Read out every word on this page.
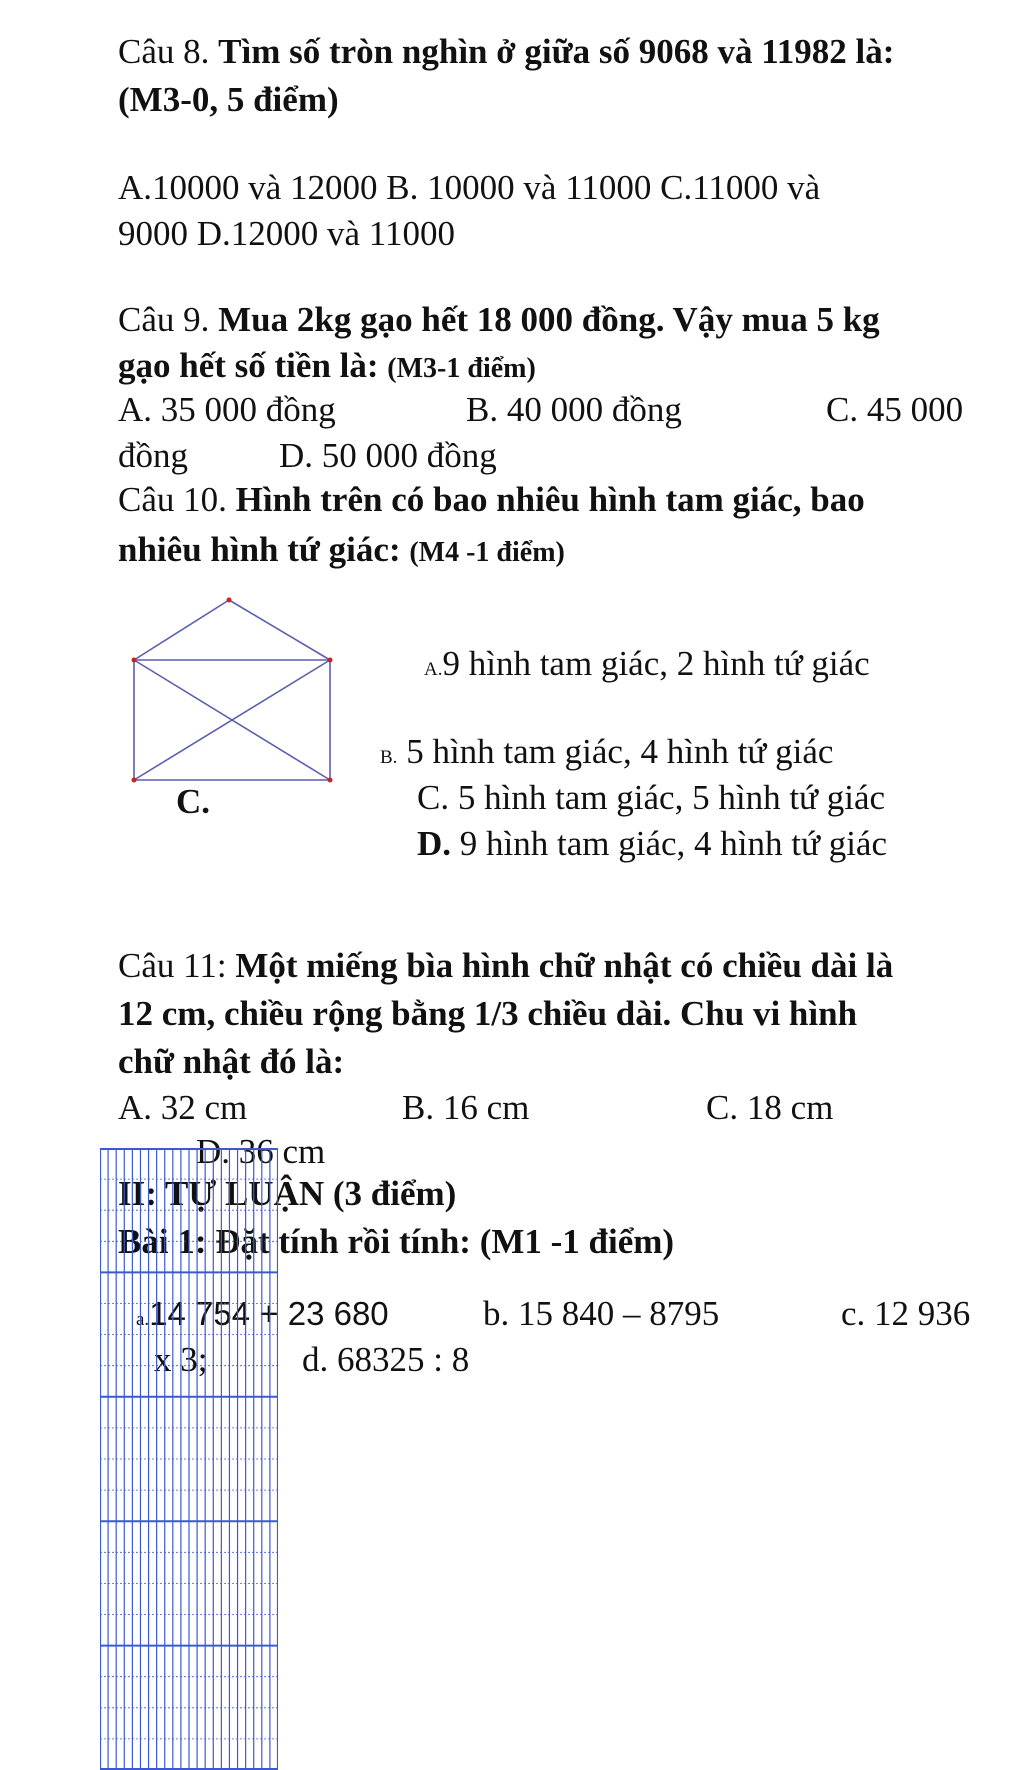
Câu 8. Tìm số tròn nghìn ở giữa số 9068 và 11982 là:
(M3-0, 5 điểm)
A.10000 và 12000 B. 10000 và 11000 C.11000 và
9000 D.12000 và 11000
Câu 9. Mua 2kg gạo hết 18 000 đồng. Vậy mua 5 kg
gạo hết số tiền là: (M3-1 điểm)
A. 35 000 đồng	B. 40 000 đồng	C. 45 000
đồng	D. 50 000 đồng
Câu 10. Hình trên có bao nhiêu hình tam giác, bao
nhiêu hình tứ giác: (M4 -1 điểm)
C.
A.9 hình tam giác, 2 hình tứ giác
B. 5 hình tam giác, 4 hình tứ giác
C. 5 hình tam giác, 5 hình tứ giác
D. 9 hình tam giác, 4 hình tứ giác
Câu 11: Một miếng bìa hình chữ nhật có chiều dài là
12 cm, chiều rộng bằng 1/3 chiều dài. Chu vi hình
chữ nhật đó là:
A. 32 cm	B. 16 cm	C. 18 cm
D. 36 cm
II: TỰ LUẬN (3 điểm)
Bài 1: Đặt tính rồi tính: (M1 -1 điểm)
a.14 754 + 23 680	b. 15 840 – 8795	c. 12 936
x 3;	d. 68325 : 8
